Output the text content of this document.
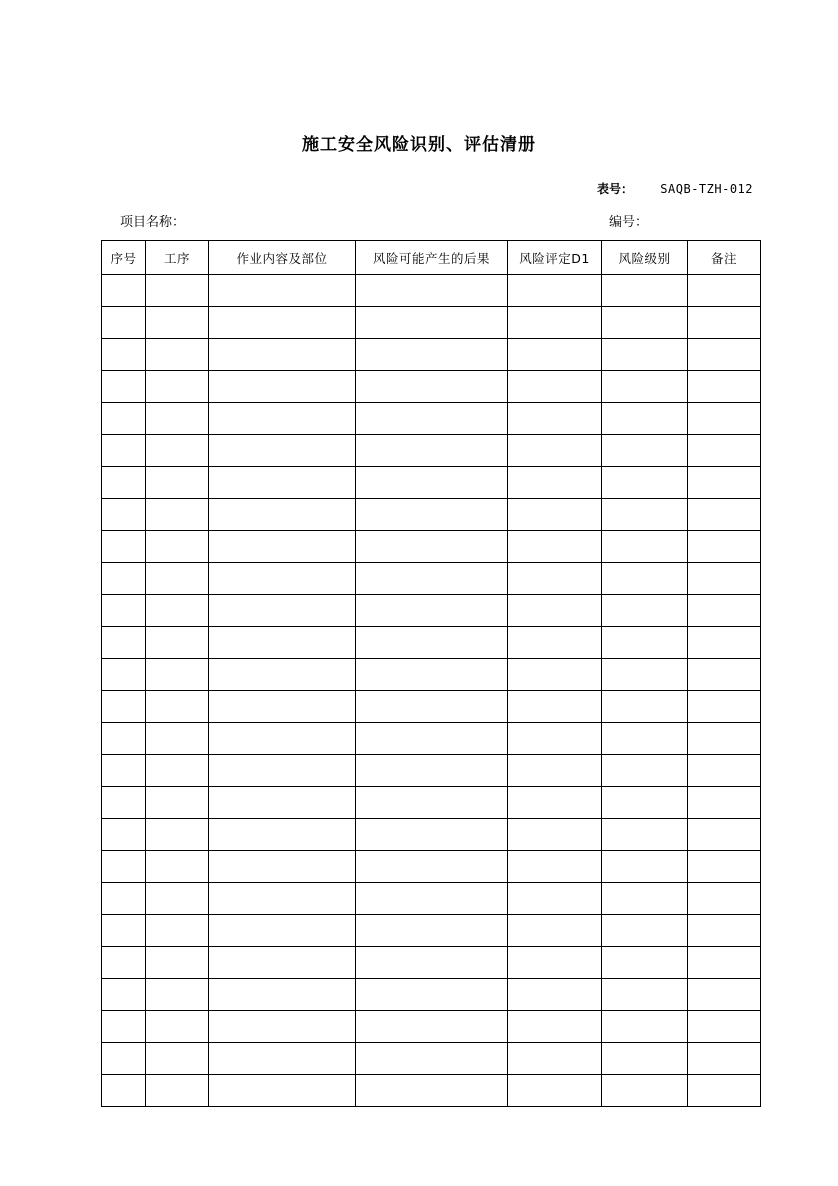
施工安全风险识别、评估清册
表号： SAQB-TZH-012
项目名称：	编号：
序号	工序	作业内容及部位	风险可能产生的后果	风险评定D1	风险级别	备注
